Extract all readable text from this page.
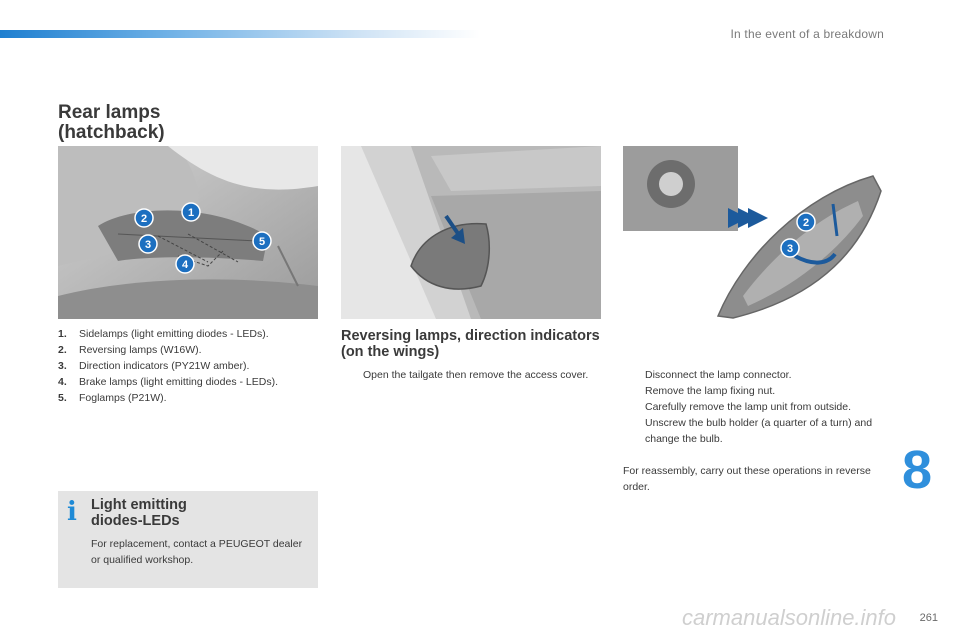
In the event of a breakdown
Rear lamps
(hatchback)
1
2
3
4
5
2
3
1.	Sidelamps (light emitting diodes - LEDs).
2.	Reversing lamps (W16W).
3.	Direction indicators (PY21W amber).
4.	Brake lamps (light emitting diodes - LEDs).
5.	Foglamps (P21W).
Reversing lamps, direction indicators (on the wings)
Open the tailgate then remove the access cover.	Disconnect the lamp connector.
Remove the lamp fixing nut.
Carefully remove the lamp unit from outside.
Unscrew the bulb holder (a quarter of a turn) and change the bulb.

For reassembly, carry out these operations in reverse order.

i Light emitting
diodes-LEDs

For replacement, contact a PEUGEOT dealer or qualified workshop.

8
261
carmanualsonline.info
